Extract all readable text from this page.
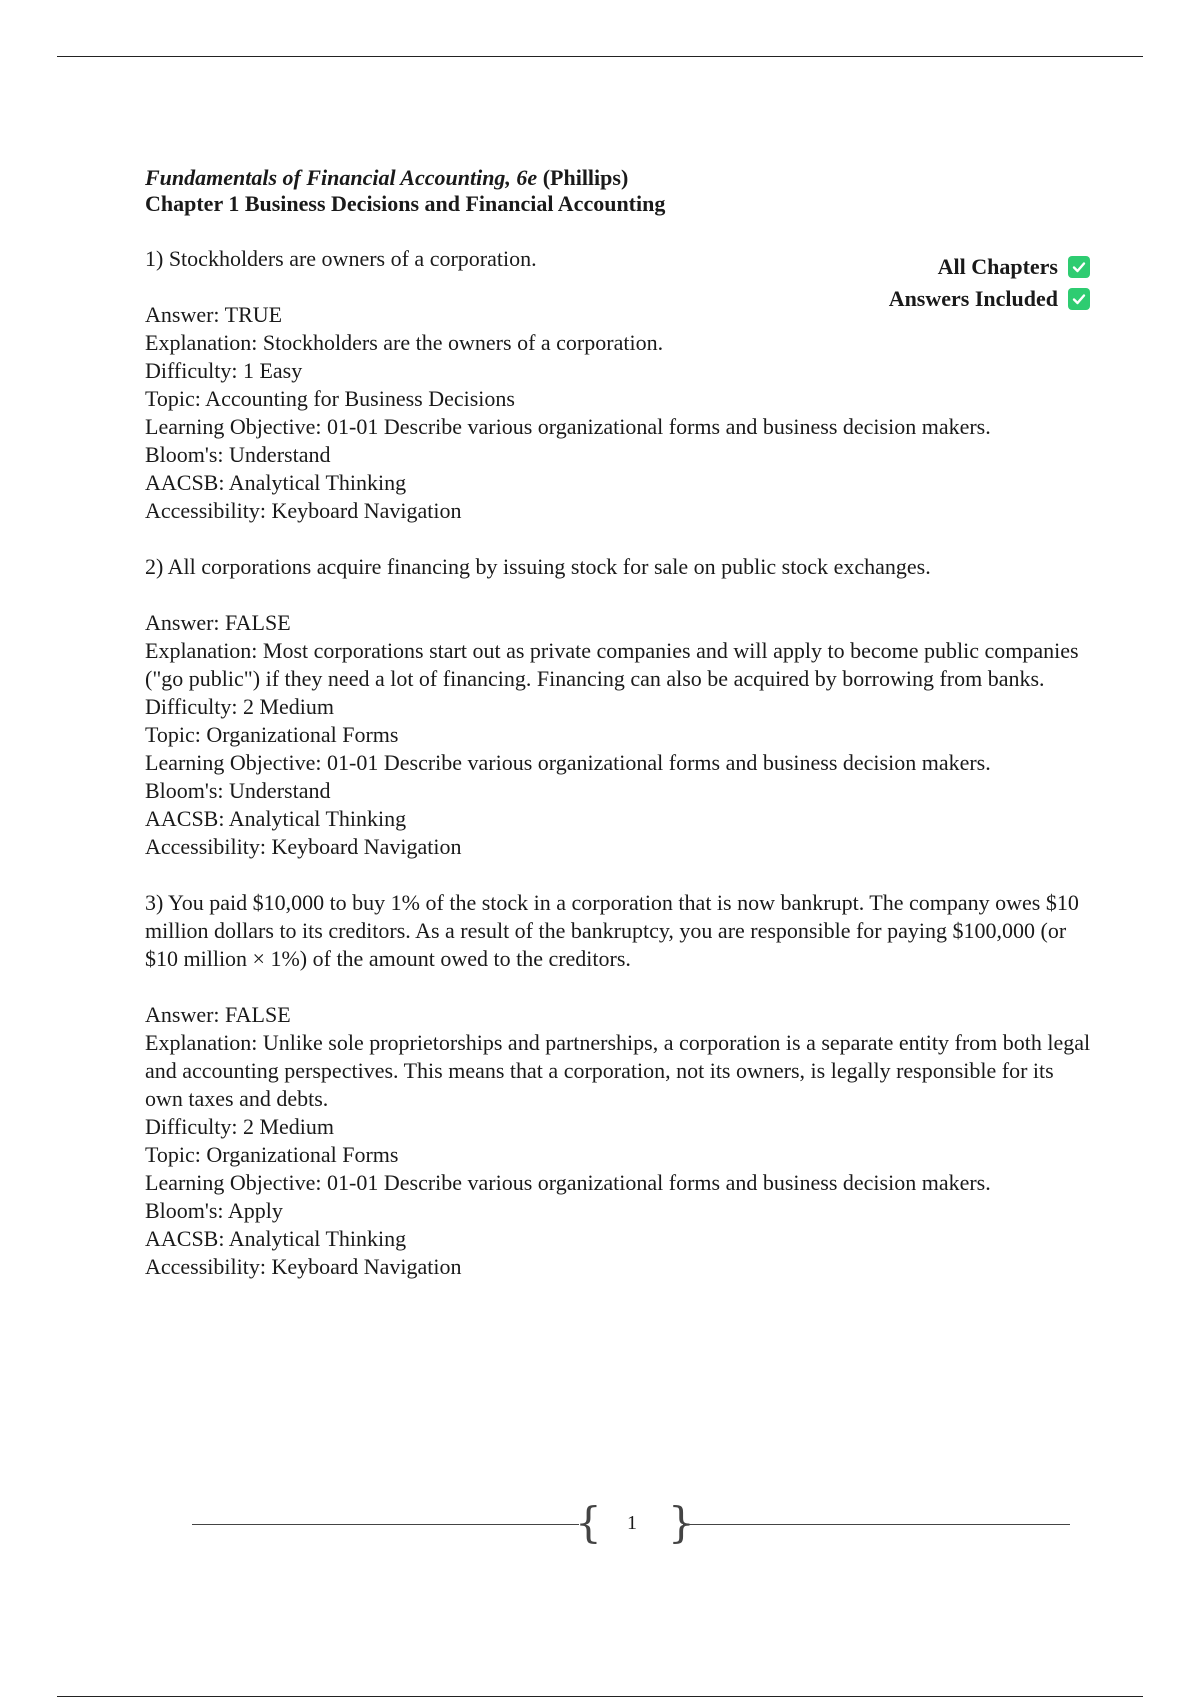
All Chapters
Answers Included
Fundamentals of Financial Accounting, 6e (Phillips)
Chapter 1 Business Decisions and Financial Accounting

1) Stockholders are owners of a corporation.

Answer: TRUE

Explanation: Stockholders are the owners of a corporation.

Difficulty: 1 Easy

Topic: Accounting for Business Decisions

Learning Objective: 01-01 Describe various organizational forms and business decision makers.

Bloom's: Understand

AACSB: Analytical Thinking

Accessibility: Keyboard Navigation

2) All corporations acquire financing by issuing stock for sale on public stock exchanges.

Answer: FALSE

Explanation: Most corporations start out as private companies and will apply to become public companies ("go public") if they need a lot of financing. Financing can also be acquired by borrowing from banks.

Difficulty: 2 Medium

Topic: Organizational Forms

Learning Objective: 01-01 Describe various organizational forms and business decision makers.

Bloom's: Understand

AACSB: Analytical Thinking

Accessibility: Keyboard Navigation

3) You paid $10,000 to buy 1% of the stock in a corporation that is now bankrupt. The company owes $10 million dollars to its creditors. As a result of the bankruptcy, you are responsible for paying $100,000 (or $10 million × 1%) of the amount owed to the creditors.

Answer: FALSE

Explanation: Unlike sole proprietorships and partnerships, a corporation is a separate entity from both legal and accounting perspectives. This means that a corporation, not its owners, is legally responsible for its own taxes and debts.

Difficulty: 2 Medium

Topic: Organizational Forms

Learning Objective: 01-01 Describe various organizational forms and business decision makers.

Bloom's: Apply

AACSB: Analytical Thinking

Accessibility: Keyboard Navigation

{	1 }
